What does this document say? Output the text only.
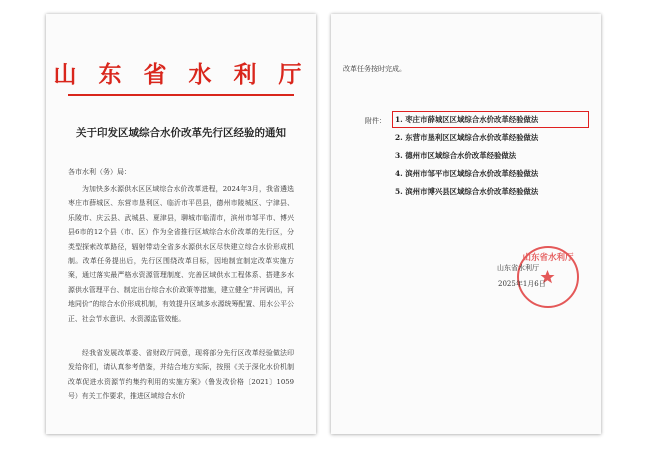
山 东 省 水 利 厅
关于印发区域综合水价改革先行区经验的通知
各市水利（务）局：

为加快多水源供水区区域综合水价改革进程，2024年3月，我省遴选枣庄市薛城区、东营市垦利区、临沂市平邑县，德州市陵城区、宁津县、乐陵市、庆云县、武城县、夏津县，聊城市临清市，滨州市邹平市、博兴县6市的12个县（市、区）作为全省推行区域综合水价改革的先行区，分类型探索改革路径，辐射带动全省多水源供水区尽快建立综合水价形成机制。改革任务提出后，先行区围绕改革目标，因地制宜制定改革实施方案，通过落实最严格水资源管理制度、完善区域供水工程体系、搭建多水源供水管理平台、制定出台综合水价政策等措施，建立健全“井河调出，河地同价”的综合水价形成机制，有效提升区域多水源统筹配置、用水公平公正、社会节水意识、水资源监管效能。

经我省发展改革委、省财政厅同意，现将部分先行区改革经验做法印发给你们，请认真参考借鉴，并结合地方实际，按照《关于深化水价机制改革促进水资源节约集约利用的实施方案》（鲁发改价格〔2021〕1059号）有关工作要求，推进区域综合水价

改革任务按时完成。
附件： 1. 枣庄市薛城区区域综合水价改革经验做法
2. 东营市垦利区区域综合水价改革经验做法
3. 德州市区域综合水价改革经验做法
4. 滨州市邹平市区域综合水价改革经验做法
5. 滨州市博兴县区域综合水价改革经验做法
山东省水利厅
山东省水利厅
2025年1月6日
